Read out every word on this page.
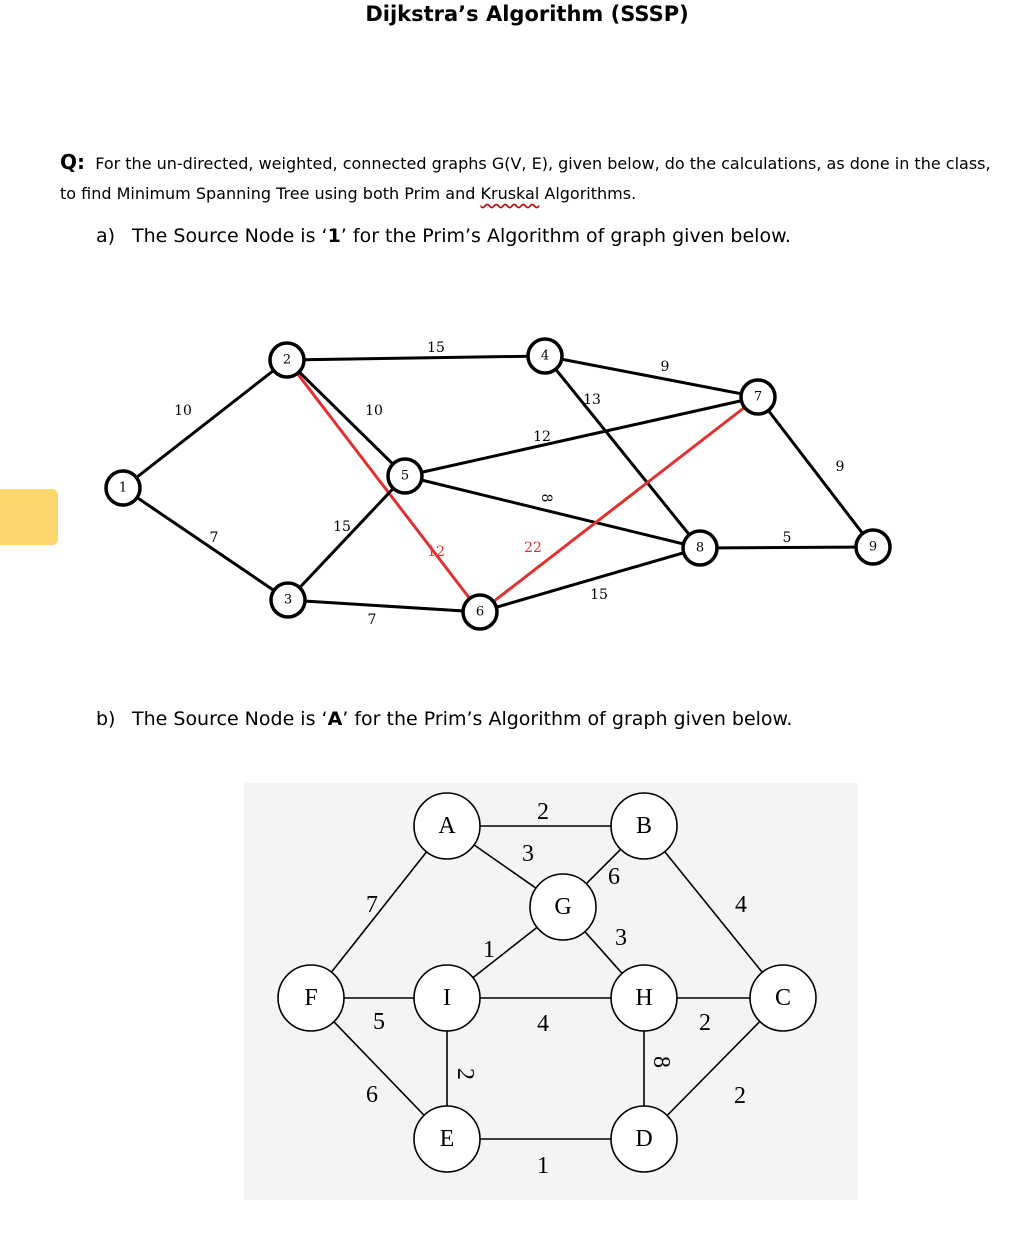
Dijkstra’s Algorithm (SSSP)
Q: For the un-directed, weighted, connected graphs G(V, E), given below, do the calculations, as done in the class, to find Minimum Spanning Tree using both Prim and Kruskal Algorithms.
a) The Source Node is ‘1’ for the Prim’s Algorithm of graph given below.
b) The Source Node is ‘A’ for the Prim’s Algorithm of graph given below.
10
7
15
10
12
15
7
9
13
12
8
22
15
9
5
1
2
3
4
5
6
7
8	9
2
3
6
7	4
1	3
5	4	2
6
2
8
2
1
A	B
G
F	I	H	C
E	D
